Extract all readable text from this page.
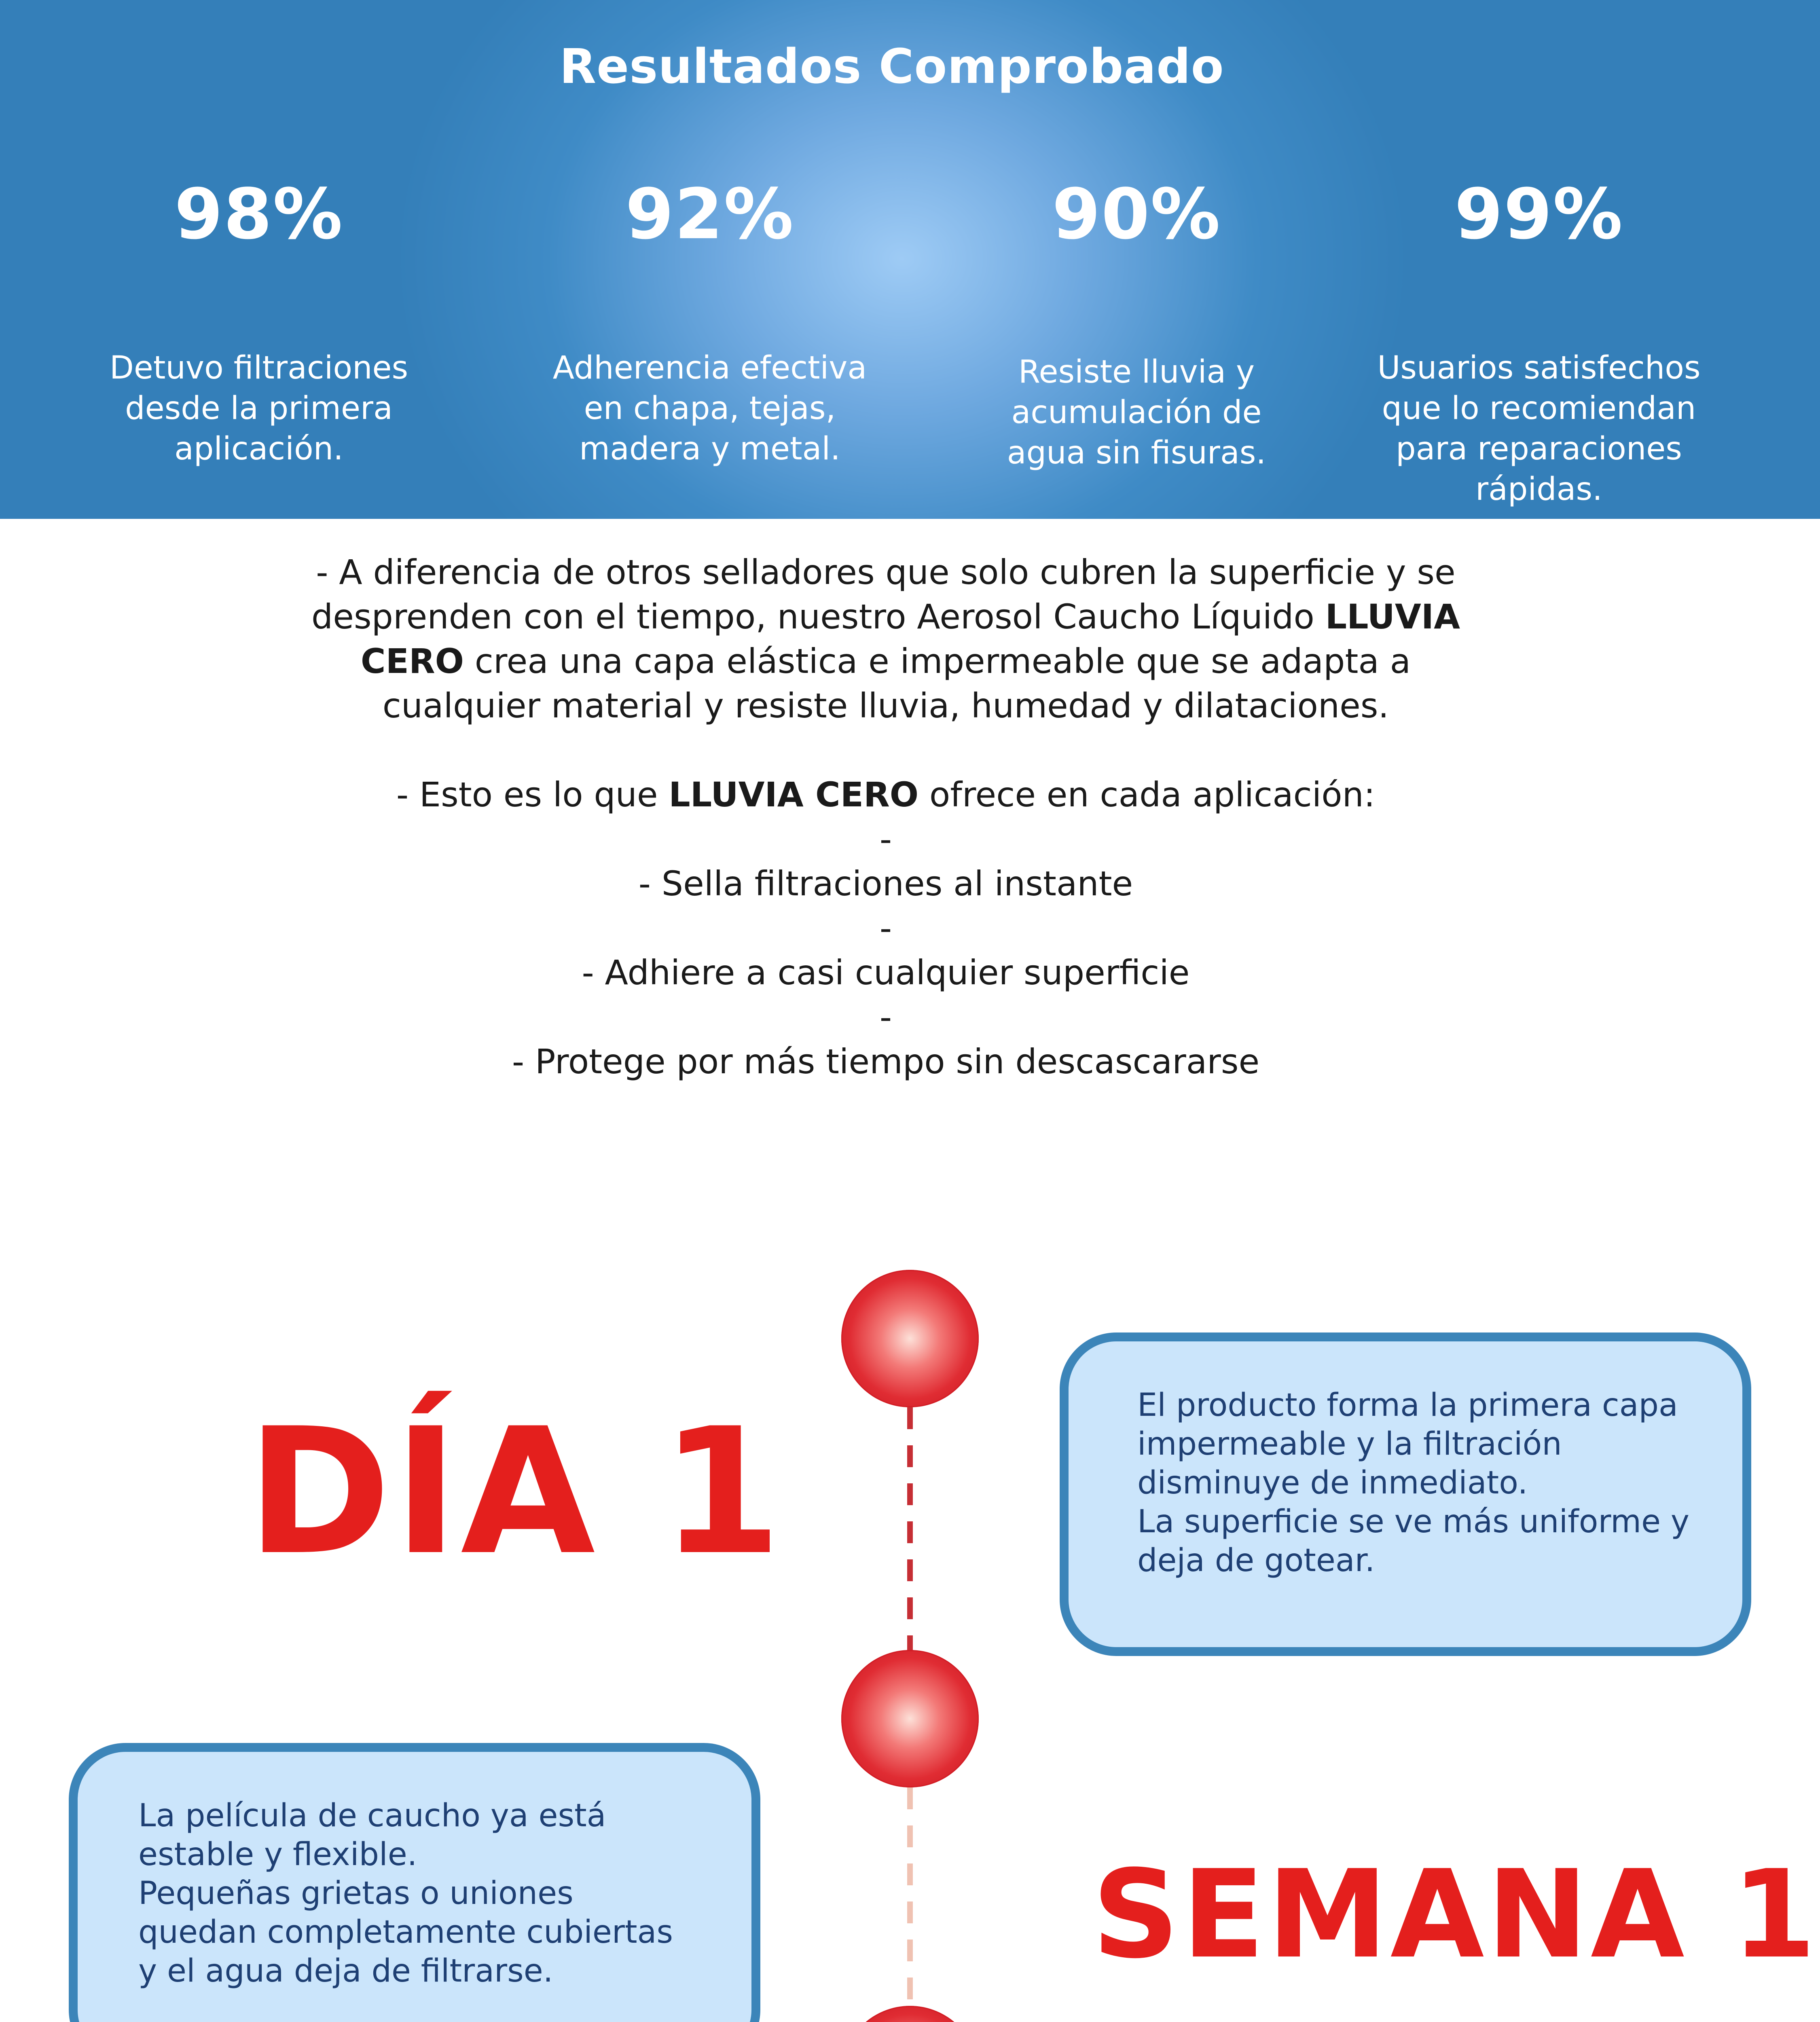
Resultados Comprobado
98%
Detuvo filtraciones
desde la primera
aplicación.
92%
Adherencia efectiva
en chapa, tejas,
madera y metal.
90%
Resiste lluvia y
acumulación de
agua sin fisuras.
99%
Usuarios satisfechos
que lo recomiendan
para reparaciones
rápidas.

- A diferencia de otros selladores que solo cubren la superficie y se desprenden con el tiempo, nuestro Aerosol Caucho Líquido LLUVIA CERO crea una capa elástica e impermeable que se adapta a cualquier material y resiste lluvia, humedad y dilataciones.

- Esto es lo que LLUVIA CERO ofrece en cada aplicación:

-

- Sella filtraciones al instante

-

- Adhiere a casi cualquier superficie

-

- Protege por más tiempo sin descascararse

DÍA 1	El producto forma la primera capa

impermeable y la filtración

disminuye de inmediato.

La superficie se ve más uniforme y

deja de gotear.

La película de caucho ya está

estable y flexible.

Pequeñas grietas o uniones

quedan completamente cubiertas

y el agua deja de filtrarse.	SEMANA 1
